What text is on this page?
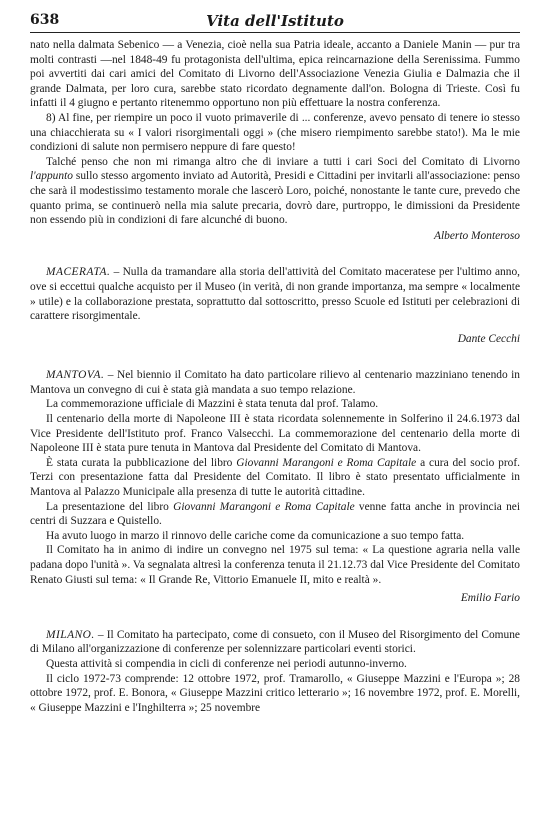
638	Vita dell'Istituto

nato nella dalmata Sebenico — a Venezia, cioè nella sua Patria ideale, accanto a Daniele Manin — pur tra molti contrasti —nel 1848-49 fu protagonista dell'ultima, epica reincarnazione della Serenissima. Fummo poi avvertiti dai cari amici del Comitato di Livorno dell'Associazione Venezia Giulia e Dalmazia che il grande Dalmata, per loro cura, sarebbe stato ricordato degnamente dall'on. Bologna di Trieste. Così fu infatti il 4 giugno e pertanto ritenemmo opportuno non più effettuare la nostra conferenza.

8) Al fine, per riempire un poco il vuoto primaverile di ... conferenze, avevo pensato di tenere io stesso una chiacchierata su « I valori risorgimentali oggi » (che misero riempimento sarebbe stato!). Ma le mie condizioni di salute non permisero neppure di fare questo!

Talché penso che non mi rimanga altro che di inviare a tutti i cari Soci del Comitato di Livorno l'appunto sullo stesso argomento inviato ad Autorità, Presidi e Cittadini per invitarli all'associazione: penso che sarà il modestissimo testamento morale che lascerò Loro, poiché, nonostante le tante cure, prevedo che quanto prima, se continuerò nella mia salute precaria, dovrò dare, purtroppo, le dimissioni da Presidente non essendo più in condizioni di fare alcunché di buono.

Alberto Monteroso

MACERATA. – Nulla da tramandare alla storia dell'attività del Comitato maceratese per l'ultimo anno, ove si eccettui qualche acquisto per il Museo (in verità, di non grande importanza, ma sempre « localmente » utile) e la collaborazione prestata, soprattutto dal sottoscritto, presso Scuole ed Istituti per celebrazioni di carattere risorgimentale.

Dante Cecchi

MANTOVA. – Nel biennio il Comitato ha dato particolare rilievo al centenario mazziniano tenendo in Mantova un convegno di cui è stata già mandata a suo tempo relazione.

La commemorazione ufficiale di Mazzini è stata tenuta dal prof. Talamo.

Il centenario della morte di Napoleone III è stata ricordata solennemente in Solferino il 24.6.1973 dal Vice Presidente dell'Istituto prof. Franco Valsecchi. La commemorazione del centenario della morte di Napoleone III è stata pure tenuta in Mantova dal Presidente del Comitato di Mantova.

È stata curata la pubblicazione del libro Giovanni Marangoni e Roma Capitale a cura del socio prof. Terzi con presentazione fatta dal Presidente del Comitato. Il libro è stato presentato ufficialmente in Mantova al Palazzo Municipale alla presenza di tutte le autorità cittadine.

La presentazione del libro Giovanni Marangoni e Roma Capitale venne fatta anche in provincia nei centri di Suzzara e Quistello.

Ha avuto luogo in marzo il rinnovo delle cariche come da comunicazione a suo tempo fatta.

Il Comitato ha in animo di indire un convegno nel 1975 sul tema: « La questione agraria nella valle padana dopo l'unità ». Va segnalata altresì la conferenza tenuta il 21.12.73 dal Vice Presidente del Comitato Renato Giusti sul tema: « Il Grande Re, Vittorio Emanuele II, mito e realtà ».

Emilio Fario

MILANO. – Il Comitato ha partecipato, come di consueto, con il Museo del Risorgimento del Comune di Milano all'organizzazione di conferenze per solennizzare particolari eventi storici.

Questa attività si compendia in cicli di conferenze nei periodi autunno-inverno.

Il ciclo 1972-73 comprende: 12 ottobre 1972, prof. Tramarollo, « Giuseppe Mazzini e l'Europa »; 28 ottobre 1972, prof. E. Bonora, « Giuseppe Mazzini critico letterario »; 16 novembre 1972, prof. E. Morelli, « Giuseppe Mazzini e l'Inghilterra »; 25 novembre
